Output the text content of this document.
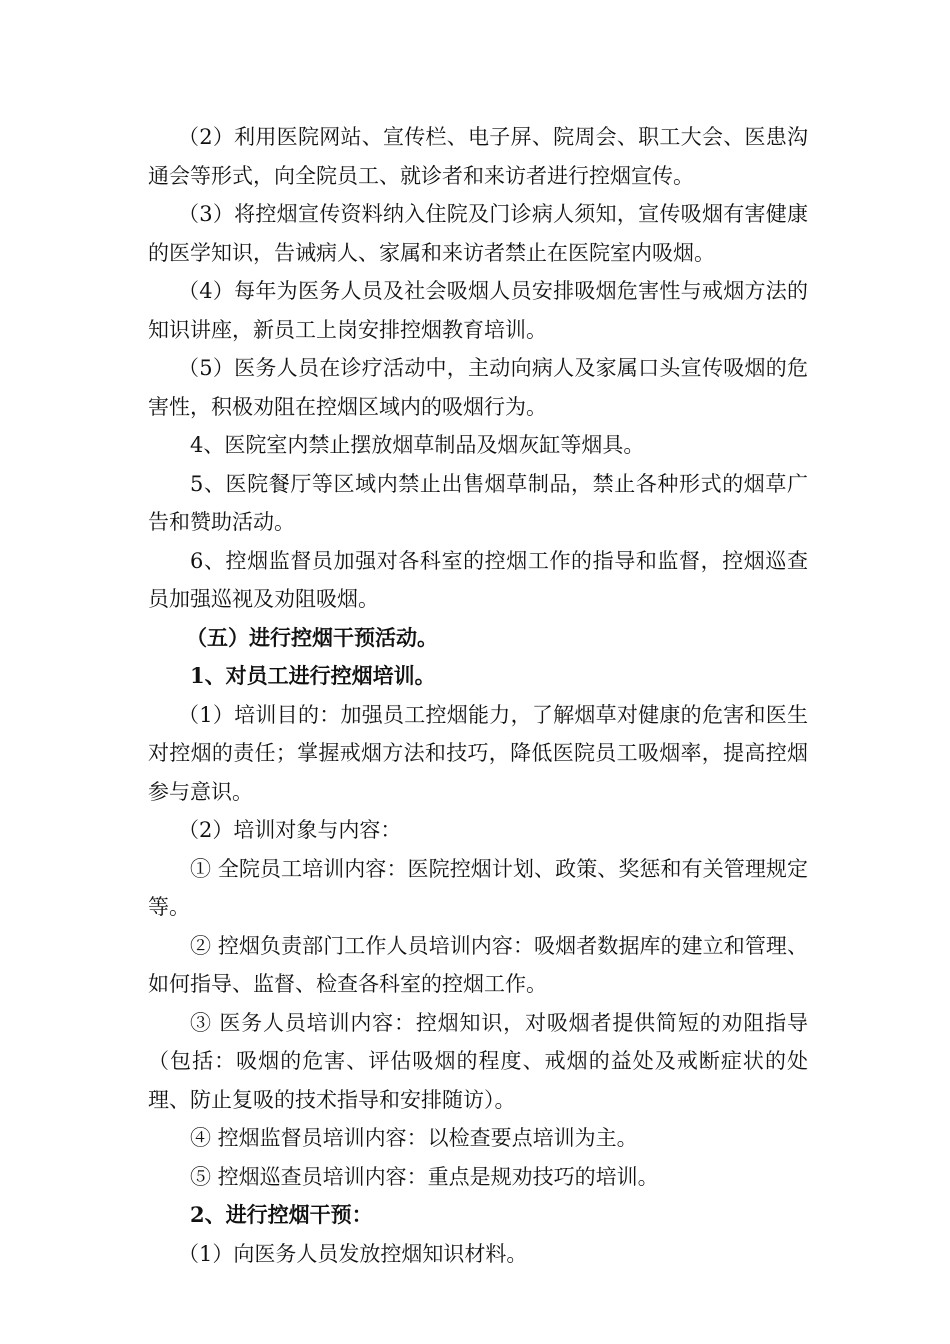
（2）利用医院网站、宣传栏、电子屏、院周会、职工大会、医患沟通会等形式，向全院员工、就诊者和来访者进行控烟宣传。

（3）将控烟宣传资料纳入住院及门诊病人须知，宣传吸烟有害健康的医学知识，告诫病人、家属和来访者禁止在医院室内吸烟。

（4）每年为医务人员及社会吸烟人员安排吸烟危害性与戒烟方法的知识讲座，新员工上岗安排控烟教育培训。

（5）医务人员在诊疗活动中，主动向病人及家属口头宣传吸烟的危害性，积极劝阻在控烟区域内的吸烟行为。

4、医院室内禁止摆放烟草制品及烟灰缸等烟具。

5、医院餐厅等区域内禁止出售烟草制品，禁止各种形式的烟草广告和赞助活动。

6、控烟监督员加强对各科室的控烟工作的指导和监督，控烟巡查员加强巡视及劝阻吸烟。

（五）进行控烟干预活动。

1、对员工进行控烟培训。

（1）培训目的：加强员工控烟能力，了解烟草对健康的危害和医生对控烟的责任；掌握戒烟方法和技巧，降低医院员工吸烟率，提高控烟参与意识。

（2）培训对象与内容：

① 全院员工培训内容：医院控烟计划、政策、奖惩和有关管理规定等。

② 控烟负责部门工作人员培训内容：吸烟者数据库的建立和管理、如何指导、监督、检查各科室的控烟工作。

③ 医务人员培训内容：控烟知识，对吸烟者提供简短的劝阻指导（包括：吸烟的危害、评估吸烟的程度、戒烟的益处及戒断症状的处理、防止复吸的技术指导和安排随访）。

④ 控烟监督员培训内容：以检查要点培训为主。

⑤ 控烟巡查员培训内容：重点是规劝技巧的培训。

2、进行控烟干预：

（1）向医务人员发放控烟知识材料。
